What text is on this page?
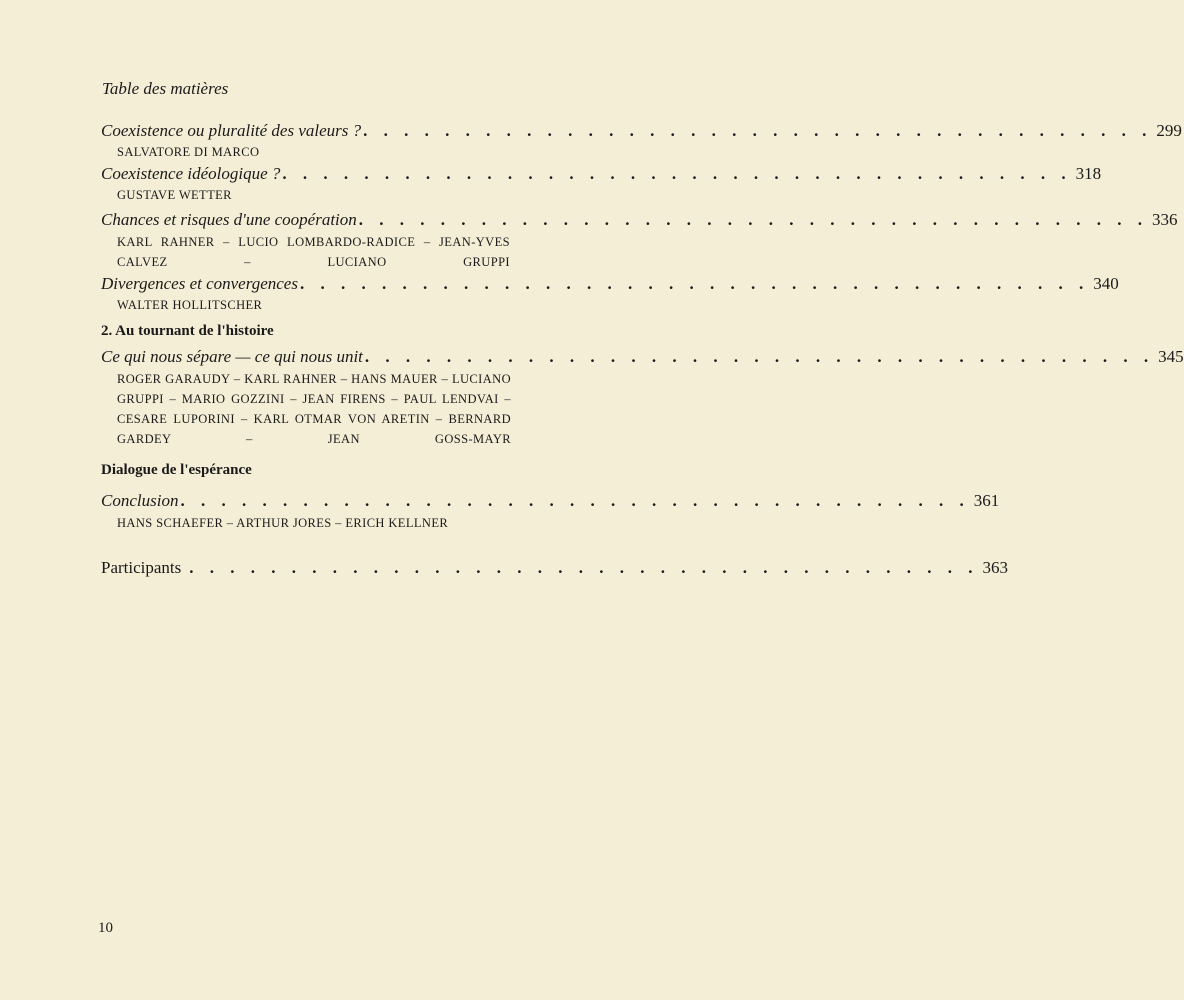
Table des matières
Coexistence ou pluralité des valeurs ? . . . . . . . . . . . . . . . . . . . . . . . . . . . . . . . . . . . . . . . 299
SALVATORE DI MARCO
Coexistence idéologique ? . . . . . . . . . . . . . . . . . . . . . . . . . . . . . . . . . . . . . . . 318
GUSTAVE WETTER
Chances et risques d'une coopération . . . . . . . . . . . . . . . . . . . . . . . . . . . . . . . . . . . . . . . 336
KARL RAHNER – LUCIO LOMBARDO-RADICE – JEAN-YVES CALVEZ – LUCIANO GRUPPI
Divergences et convergences . . . . . . . . . . . . . . . . . . . . . . . . . . . . . . . . . . . . . . . 340
WALTER HOLLITSCHER
2. Au tournant de l'histoire
Ce qui nous sépare — ce qui nous unit . . . . . . . . . . . . . . . . . . . . . . . . . . . . . . . . . . . . . . . 345
ROGER GARAUDY – KARL RAHNER – HANS MAUER – LUCIANO GRUPPI – MARIO GOZZINI – JEAN FIRENS – PAUL LENDVAI – CESARE LUPORINI – KARL OTMAR VON ARETIN – BERNARD GARDEY – JEAN GOSS-MAYR
Dialogue de l'espérance
Conclusion . . . . . . . . . . . . . . . . . . . . . . . . . . . . . . . . . . . . . . . 361
HANS SCHAEFER – ARTHUR JORES – ERICH KELLNER
Participants . . . . . . . . . . . . . . . . . . . . . . . . . . . . . . . . . . . . . . . 363
10
